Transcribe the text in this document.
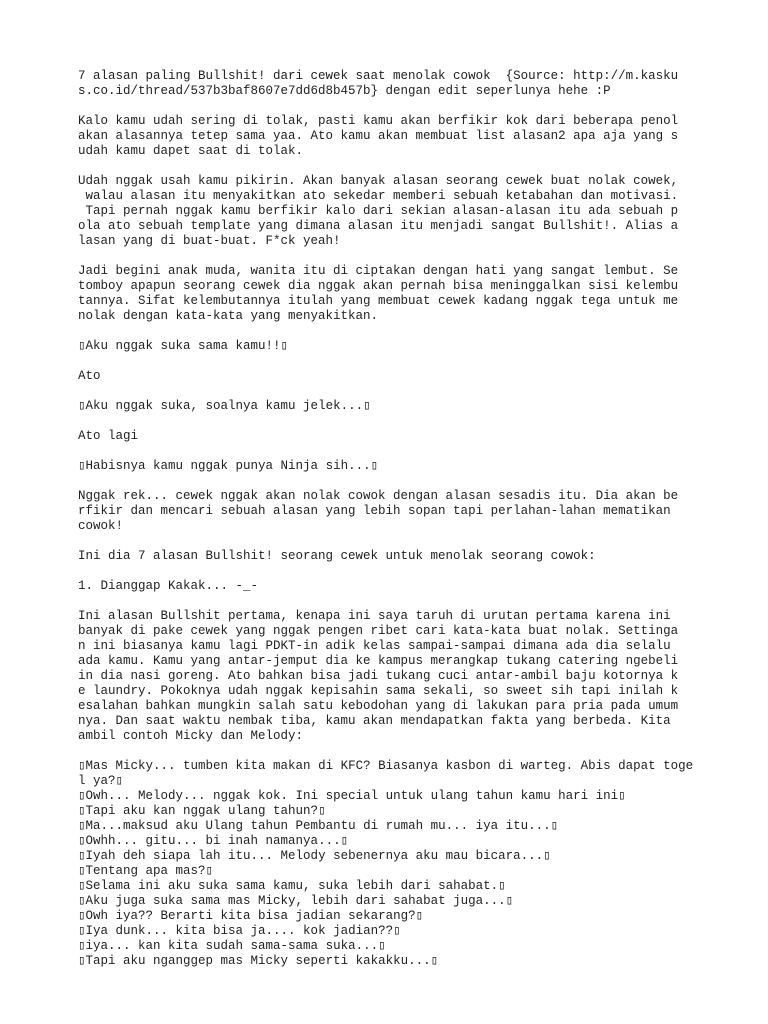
7 alasan paling Bullshit! dari cewek saat menolak cowok  {Source: http://m.kasku
s.co.id/thread/537b3baf8607e7dd6d8b457b} dengan edit seperlunya hehe :P
Kalo kamu udah sering di tolak, pasti kamu akan berfikir kok dari beberapa penol
akan alasannya tetep sama yaa. Ato kamu akan membuat list alasan2 apa aja yang s
udah kamu dapet saat di tolak.
Udah nggak usah kamu pikirin. Akan banyak alasan seorang cewek buat nolak cowek,
walau alasan itu menyakitkan ato sekedar memberi sebuah ketabahan dan motivasi.
Tapi pernah nggak kamu berfikir kalo dari sekian alasan-alasan itu ada sebuah p
ola ato sebuah template yang dimana alasan itu menjadi sangat Bullshit!. Alias a
lasan yang di buat-buat. F*ck yeah!
Jadi begini anak muda, wanita itu di ciptakan dengan hati yang sangat lembut. Se
tomboy apapun seorang cewek dia nggak akan pernah bisa meninggalkan sisi kelembu
tannya. Sifat kelembutannya itulah yang membuat cewek kadang nggak tega untuk me
nolak dengan kata-kata yang menyakitkan.
▯Aku nggak suka sama kamu!!▯
Ato
▯Aku nggak suka, soalnya kamu jelek...▯
Ato lagi
▯Habisnya kamu nggak punya Ninja sih...▯
Nggak rek... cewek nggak akan nolak cowok dengan alasan sesadis itu. Dia akan be
rfikir dan mencari sebuah alasan yang lebih sopan tapi perlahan-lahan mematikan
cowok!
Ini dia 7 alasan Bullshit! seorang cewek untuk menolak seorang cowok:
1. Dianggap Kakak... -_-
Ini alasan Bullshit pertama, kenapa ini saya taruh di urutan pertama karena ini
banyak di pake cewek yang nggak pengen ribet cari kata-kata buat nolak. Settinga
n ini biasanya kamu lagi PDKT-in adik kelas sampai-sampai dimana ada dia selalu
ada kamu. Kamu yang antar-jemput dia ke kampus merangkap tukang catering ngebeli
in dia nasi goreng. Ato bahkan bisa jadi tukang cuci antar-ambil baju kotornya k
e laundry. Pokoknya udah nggak kepisahin sama sekali, so sweet sih tapi inilah k
esalahan bahkan mungkin salah satu kebodohan yang di lakukan para pria pada umum
nya. Dan saat waktu nembak tiba, kamu akan mendapatkan fakta yang berbeda. Kita
ambil contoh Micky dan Melody:
▯Mas Micky... tumben kita makan di KFC? Biasanya kasbon di warteg. Abis dapat toge
l ya?▯
▯Owh... Melody... nggak kok. Ini special untuk ulang tahun kamu hari ini▯
▯Tapi aku kan nggak ulang tahun?▯
▯Ma...maksud aku Ulang tahun Pembantu di rumah mu... iya itu...▯
▯Owhh... gitu... bi inah namanya...▯
▯Iyah deh siapa lah itu... Melody sebenernya aku mau bicara...▯
▯Tentang apa mas?▯
▯Selama ini aku suka sama kamu, suka lebih dari sahabat.▯
▯Aku juga suka sama mas Micky, lebih dari sahabat juga...▯
▯Owh iya?? Berarti kita bisa jadian sekarang?▯
▯Iya dunk... kita bisa ja.... kok jadian??▯
▯iya... kan kita sudah sama-sama suka...▯
▯Tapi aku nganggep mas Micky seperti kakakku...▯
